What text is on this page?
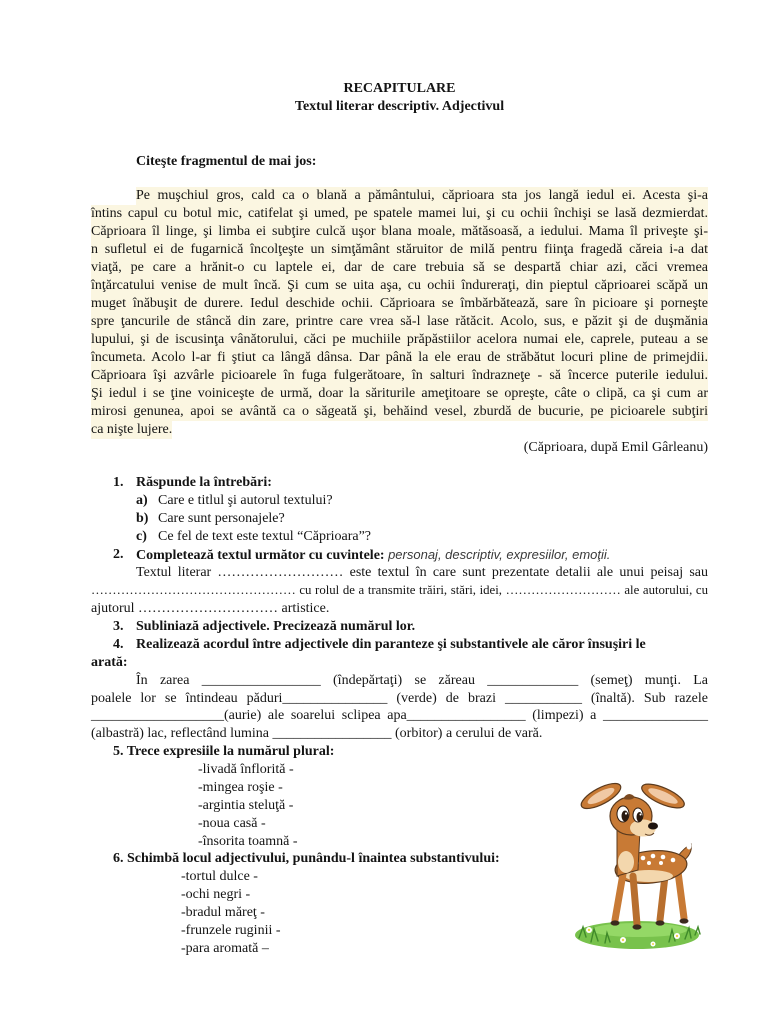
RECAPITULARE
Textul literar descriptiv. Adjectivul
Citeşte fragmentul de mai jos:
Pe muşchiul gros, cald ca o blană a pământului, căprioara sta jos langă iedul ei. Acesta şi-a
întins capul cu botul mic, catifelat şi umed, pe spatele mamei lui, şi cu ochii închişi se lasă dezmierdat.
Căprioara îl linge, şi limba ei subţire culcă uşor blana moale, mătăsoasă, a iedului. Mama îl priveşte şi-
n sufletul ei de fugarnică încolţeşte un simţământ stăruitor de milă pentru fiinţa fragedă căreia i-a dat
viaţă, pe care a hrănit-o cu laptele ei, dar de care trebuia să se despartă chiar azi, căci vremea
înţărcatului venise de mult încă. Şi cum se uita aşa, cu ochii îndureraţi, din pieptul căprioarei scăpă un
muget înăbuşit de durere. Iedul deschide ochii. Căprioara se îmbărbătează, sare în picioare şi porneşte
spre ţancurile de stâncă din zare, printre care vrea să-l lase rătăcit. Acolo, sus, e păzit şi de duşmănia
lupului, şi de iscusinţa vânătorului, căci pe muchiile prăpăstiilor acelora numai ele, caprele, puteau a se
încumeta. Acolo l-ar fi ştiut ca lângă dânsa. Dar până la ele erau de străbătut locuri pline de primejdii.
Căprioara îşi azvârle picioarele în fuga fulgerătoare, în salturi îndrazneţe - să încerce puterile iedului.
Şi iedul i se ţine voiniceşte de urmă, doar la săriturile ameţitoare se opreşte, câte o clipă, ca şi cum ar
mirosi genunea, apoi se avântă ca o săgeată şi, behăind vesel, zburdă de bucurie, pe picioarele subţiri
ca nişte lujere.
(Căprioara, după Emil Gârleanu)
1. Răspunde la întrebări:
a) Care e titlul şi autorul textului?
b) Care sunt personajele?
c) Ce fel de text este textul “Căprioara”?
2. Completează textul următor cu cuvintele: personaj, descriptiv, expresiilor, emoţii.
Textul literar ……………………… este textul în care sunt prezentate detalii ale unui peisaj sau
………………………………………… cu rolul de a transmite trăiri, stări, idei, ……………………… ale autorului, cu
ajutorul ………………………… artistice.
3. Subliniază adjectivele. Precizează numărul lor.
4. Realizează acordul între adjectivele din paranteze şi substantivele ale căror însuşiri le
arată:
În zarea _________________ (îndepărtaţi) se zăreau _____________ (semeţ) munţi. La
poalele lor se întindeau păduri_______________ (verde) de brazi ___________ (înaltă). Sub razele
___________________(aurie) ale soarelui sclipea apa_________________ (limpezi) a _______________
(albastră) lac, reflectând lumina _________________ (orbitor) a cerului de vară.
5. Trece expresiile la numărul plural:
-livadă înflorită -
-mingea roşie -
-argintia steluţă -
-noua casă -
-însorita toamnă -
6. Schimbă locul adjectivului, punându-l înaintea substantivului:
-tortul dulce -
-ochi negri -
-bradul măreţ -
-frunzele ruginii -
-para aromată –
